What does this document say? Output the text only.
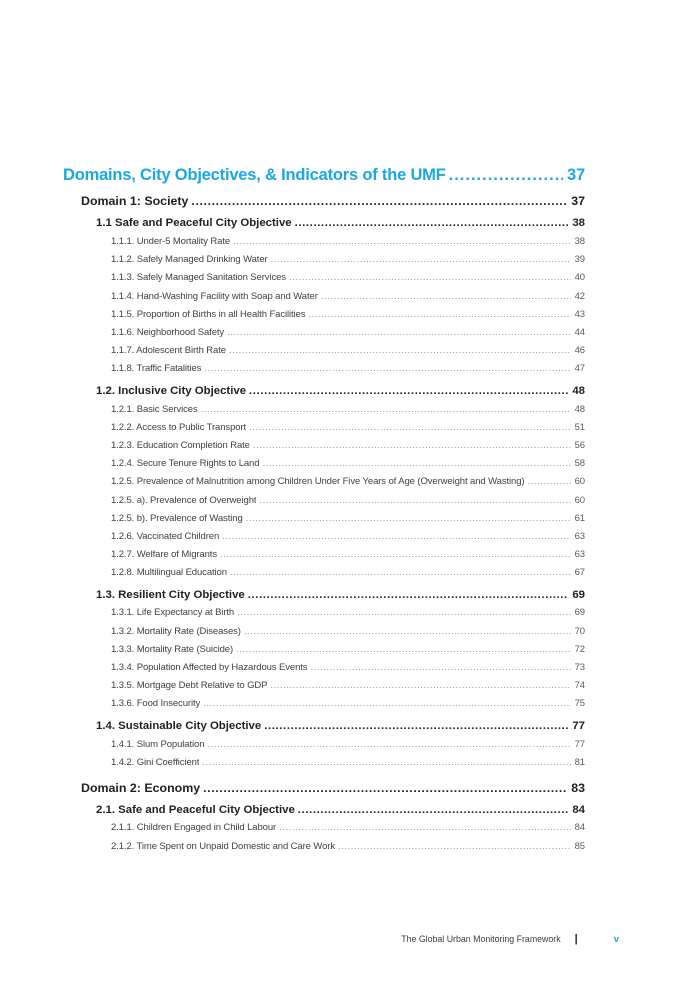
Domains, City Objectives, & Indicators of the UMF .....	37
Domain 1: Society .....	37
1.1 Safe and Peaceful City Objective .....	38
1.1.1. Under-5 Mortality Rate .....	38
1.1.2. Safely Managed Drinking Water .....	39
1.1.3. Safely Managed Sanitation Services .....	40
1.1.4. Hand-Washing Facility with Soap and Water .....	42
1.1.5. Proportion of Births in all Health Facilities .....	43
1.1.6. Neighborhood Safety .....	44
1.1.7. Adolescent Birth Rate .....	46
1.1.8. Traffic Fatalities .....	47
1.2. Inclusive City Objective .....	48
1.2.1. Basic Services .....	48
1.2.2. Access to Public Transport .....	51
1.2.3. Education Completion Rate .....	56
1.2.4. Secure Tenure Rights to Land .....	58
1.2.5. Prevalence of Malnutrition among Children Under Five Years of Age (Overweight and Wasting) .....	60
1.2.5. a). Prevalence of Overweight .....	60
1.2.5. b). Prevalence of Wasting .....	61
1.2.6. Vaccinated Children .....	63
1.2.7. Welfare of Migrants .....	63
1.2.8. Multilingual Education .....	67
1.3. Resilient City Objective .....	69
1.3.1. Life Expectancy at Birth .....	69
1.3.2. Mortality Rate (Diseases) .....	70
1.3.3. Mortality Rate (Suicide) .....	72
1.3.4. Population Affected by Hazardous Events .....	73
1.3.5. Mortgage Debt Relative to GDP .....	74
1.3.6. Food Insecurity .....	75
1.4. Sustainable City Objective .....	77
1.4.1. Slum Population .....	77
1.4.2. Gini Coefficient .....	81
Domain 2: Economy .....	83
2.1. Safe and Peaceful City Objective .....	84
2.1.1. Children Engaged in Child Labour .....	84
2.1.2. Time Spent on Unpaid Domestic and Care Work .....	85
The Global Urban Monitoring Framework |	v
